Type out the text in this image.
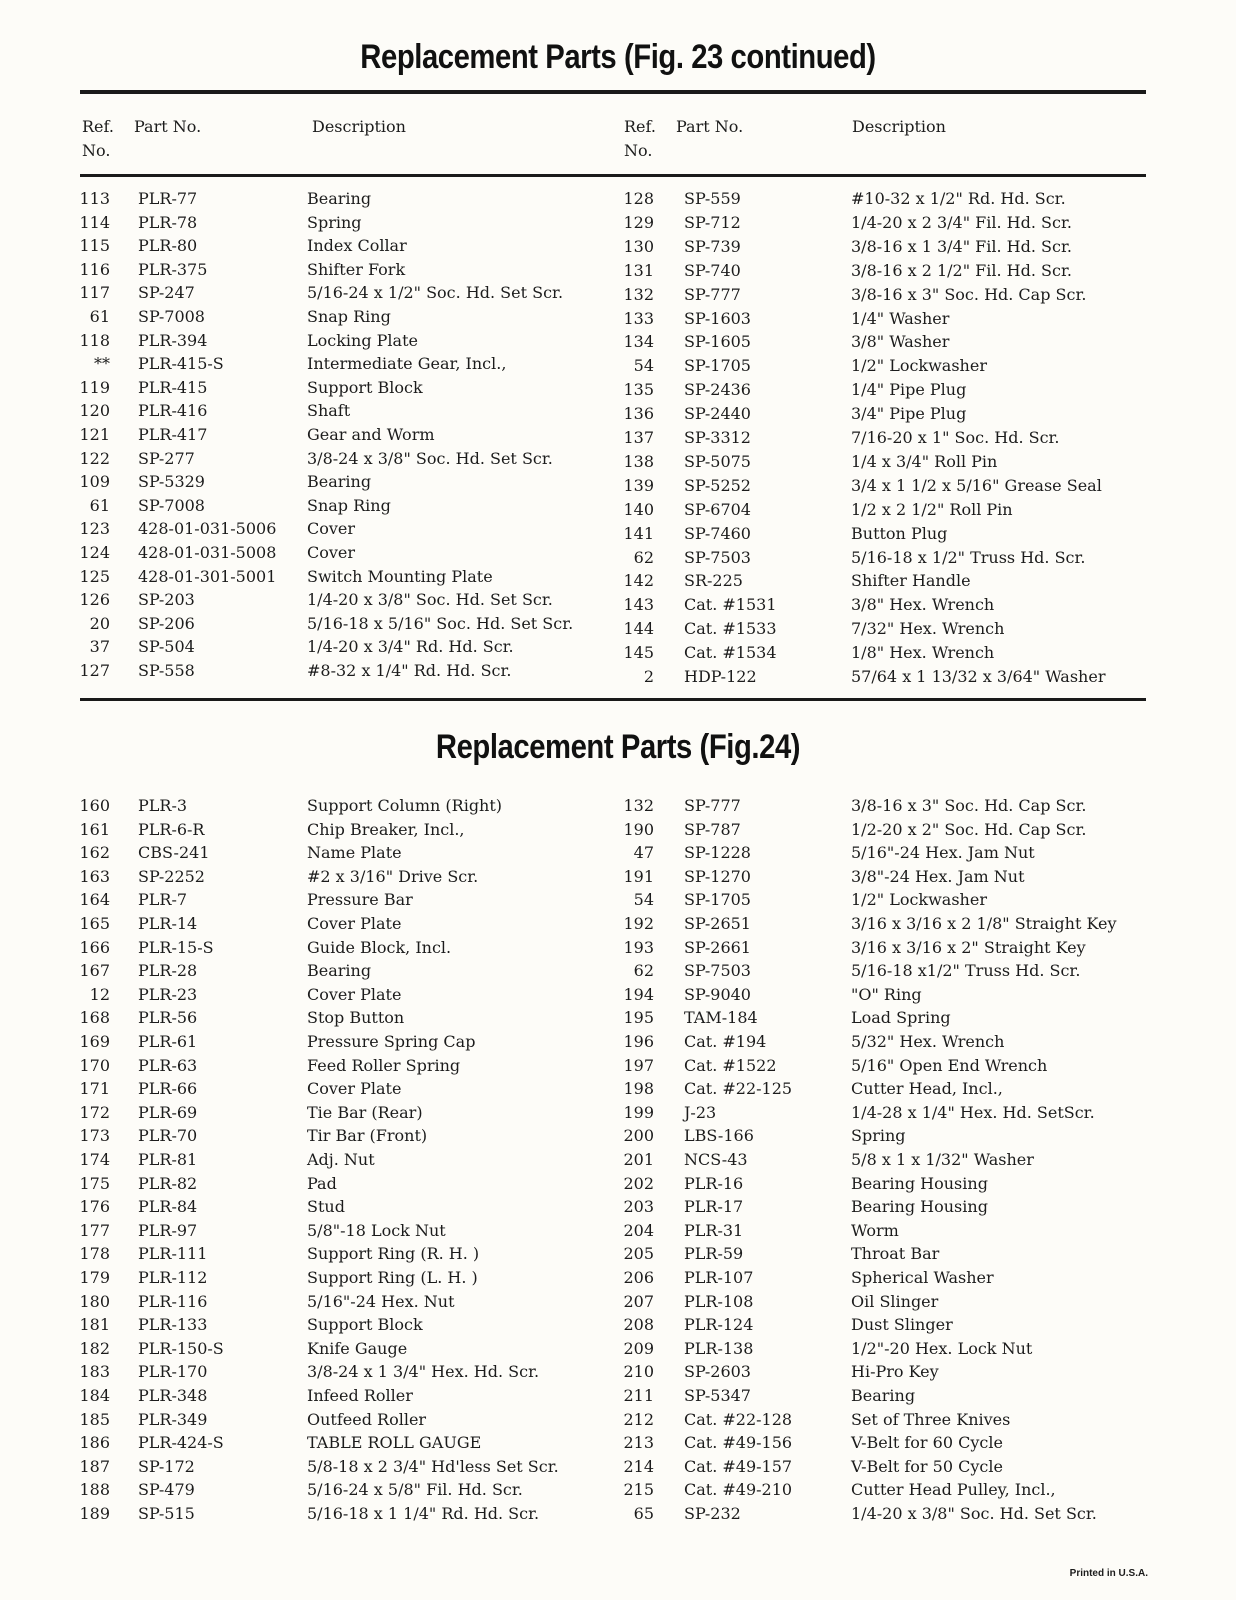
Replacement Parts (Fig. 23 continued)
Ref.
No.
Part No.	Description	Ref.
No.
Part No.	Description
113 PLR-77	Bearing
114 PLR-78	Spring
115 PLR-80	Index Collar
116 PLR-375	Shifter Fork
117 SP-247	5/16-24 x 1/2" Soc. Hd. Set Scr.
61 SP-7008	Snap Ring
118 PLR-394	Locking Plate
** PLR-415-S	Intermediate Gear, Incl.,
119 PLR-415	Support Block
120 PLR-416	Shaft
121 PLR-417	Gear and Worm
122 SP-277	3/8-24 x 3/8" Soc. Hd. Set Scr.
109 SP-5329	Bearing
61 SP-7008	Snap Ring
123 428-01-031-5006 Cover
124 428-01-031-5008 Cover
125 428-01-301-5001 Switch Mounting Plate
126 SP-203	1/4-20 x 3/8" Soc. Hd. Set Scr.
20 SP-206	5/16-18 x 5/16" Soc. Hd. Set Scr.
37 SP-504	1/4-20 x 3/4" Rd. Hd. Scr.
127 SP-558	#8-32 x 1/4" Rd. Hd. Scr.
128 SP-559	#10-32 x 1/2" Rd. Hd. Scr.
129 SP-712	1/4-20 x 2 3/4" Fil. Hd. Scr.
130 SP-739	3/8-16 x 1 3/4" Fil. Hd. Scr.
131 SP-740	3/8-16 x 2 1/2" Fil. Hd. Scr.
132 SP-777	3/8-16 x 3" Soc. Hd. Cap Scr.
133 SP-1603	1/4" Washer
134 SP-1605	3/8" Washer
54 SP-1705	1/2" Lockwasher
135 SP-2436	1/4" Pipe Plug
136 SP-2440	3/4" Pipe Plug
137 SP-3312	7/16-20 x 1" Soc. Hd. Scr.
138 SP-5075	1/4 x 3/4" Roll Pin
139 SP-5252	3/4 x 1 1/2 x 5/16" Grease Seal
140 SP-6704	1/2 x 2 1/2" Roll Pin
141 SP-7460	Button Plug
62 SP-7503	5/16-18 x 1/2" Truss Hd. Scr.
142 SR-225	Shifter Handle
143 Cat. #1531	3/8" Hex. Wrench
144 Cat. #1533	7/32" Hex. Wrench
145 Cat. #1534	1/8" Hex. Wrench
2 HDP-122	57/64 x 1 13/32 x 3/64" Washer
Replacement Parts (Fig.24)
160 PLR-3	Support Column (Right)
161 PLR-6-R	Chip Breaker, Incl.,
162 CBS-241	Name Plate
163 SP-2252	#2 x 3/16" Drive Scr.
164 PLR-7	Pressure Bar
165 PLR-14	Cover Plate
166 PLR-15-S	Guide Block, Incl.
167 PLR-28	Bearing
12 PLR-23	Cover Plate
168 PLR-56	Stop Button
169 PLR-61	Pressure Spring Cap
170 PLR-63	Feed Roller Spring
171 PLR-66	Cover Plate
172 PLR-69	Tie Bar (Rear)
173 PLR-70	Tir Bar (Front)
174 PLR-81	Adj. Nut
175 PLR-82	Pad
176 PLR-84	Stud
177 PLR-97	5/8"-18 Lock Nut
178 PLR-111	Support Ring (R. H. )
179 PLR-112	Support Ring (L. H. )
180 PLR-116	5/16"-24 Hex. Nut
181 PLR-133	Support Block
182 PLR-150-S	Knife Gauge
183 PLR-170	3/8-24 x 1 3/4" Hex. Hd. Scr.
184 PLR-348	Infeed Roller
185 PLR-349	Outfeed Roller
186 PLR-424-S	TABLE ROLL GAUGE
187 SP-172	5/8-18 x 2 3/4" Hd'less Set Scr.
188 SP-479	5/16-24 x 5/8" Fil. Hd. Scr.
189 SP-515	5/16-18 x 1 1/4" Rd. Hd. Scr.
132 SP-777	3/8-16 x 3" Soc. Hd. Cap Scr.
190 SP-787	1/2-20 x 2" Soc. Hd. Cap Scr.
47 SP-1228	5/16"-24 Hex. Jam Nut
191 SP-1270	3/8"-24 Hex. Jam Nut
54 SP-1705	1/2" Lockwasher
192 SP-2651	3/16 x 3/16 x 2 1/8" Straight Key
193 SP-2661	3/16 x 3/16 x 2" Straight Key
62 SP-7503	5/16-18 x1/2" Truss Hd. Scr.
194 SP-9040	"O" Ring
195 TAM-184	Load Spring
196 Cat. #194	5/32" Hex. Wrench
197 Cat. #1522	5/16" Open End Wrench
198 Cat. #22-125	Cutter Head, Incl.,
199 J-23	1/4-28 x 1/4" Hex. Hd. SetScr.
200 LBS-166	Spring
201 NCS-43	5/8 x 1 x 1/32" Washer
202 PLR-16	Bearing Housing
203 PLR-17	Bearing Housing
204 PLR-31	Worm
205 PLR-59	Throat Bar
206 PLR-107	Spherical Washer
207 PLR-108	Oil Slinger
208 PLR-124	Dust Slinger
209 PLR-138	1/2"-20 Hex. Lock Nut
210 SP-2603	Hi-Pro Key
211 SP-5347	Bearing
212 Cat. #22-128	Set of Three Knives
213 Cat. #49-156	V-Belt for 60 Cycle
214 Cat. #49-157	V-Belt for 50 Cycle
215 Cat. #49-210	Cutter Head Pulley, Incl.,
65 SP-232	1/4-20 x 3/8" Soc. Hd. Set Scr.
Printed in U.S.A.
